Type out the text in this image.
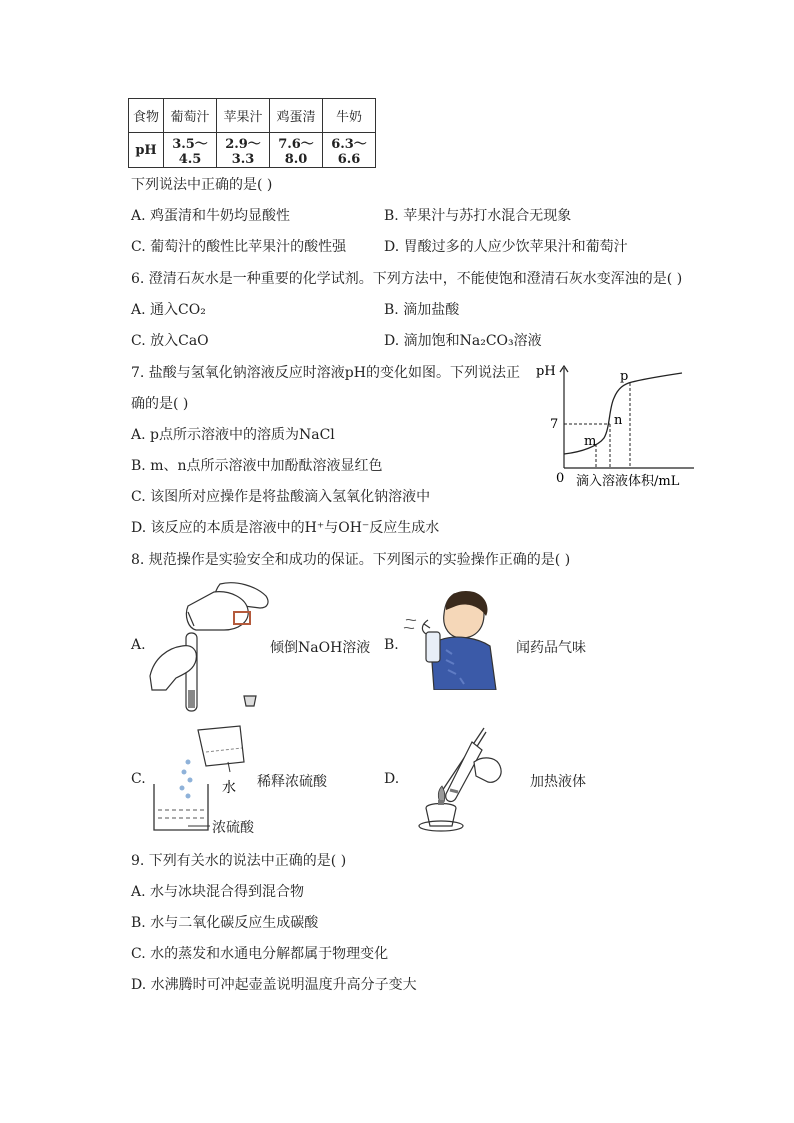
食物	葡萄汁	苹果汁	鸡蛋清	牛奶
pH	3.5～4.5	2.9～3.3	7.6～8.0	6.3～6.6
下列说法中正确的是( )
A. 鸡蛋清和牛奶均显酸性	B. 苹果汁与苏打水混合无现象
C. 葡萄汁的酸性比苹果汁的酸性强	D. 胃酸过多的人应少饮苹果汁和葡萄汁
6. 澄清石灰水是一种重要的化学试剂。下列方法中，不能使饱和澄清石灰水变浑浊的是( )
A. 通入CO₂	B. 滴加盐酸
C. 放入CaO	D. 滴加饱和Na₂CO₃溶液
7. 盐酸与氢氧化钠溶液反应时溶液pH的变化如图。下列说法正
确的是( )
A. p点所示溶液中的溶质为NaCl
B. m、n点所示溶液中加酚酞溶液显红色
C. 该图所对应操作是将盐酸滴入氢氧化钠溶液中
D. 该反应的本质是溶液中的H⁺与OH⁻反应生成水
pH
7
0
p
m
n
滴入溶液体积/mL
8. 规范操作是实验安全和成功的保证。下列图示的实验操作正确的是( )
A.	倾倒NaOH溶液 B.	闻药品气味
C.
水
浓硫酸
稀释浓硫酸	D.	加热液体
9. 下列有关水的说法中正确的是( )
A. 水与冰块混合得到混合物
B. 水与二氧化碳反应生成碳酸
C. 水的蒸发和水通电分解都属于物理变化
D. 水沸腾时可冲起壶盖说明温度升高分子变大
